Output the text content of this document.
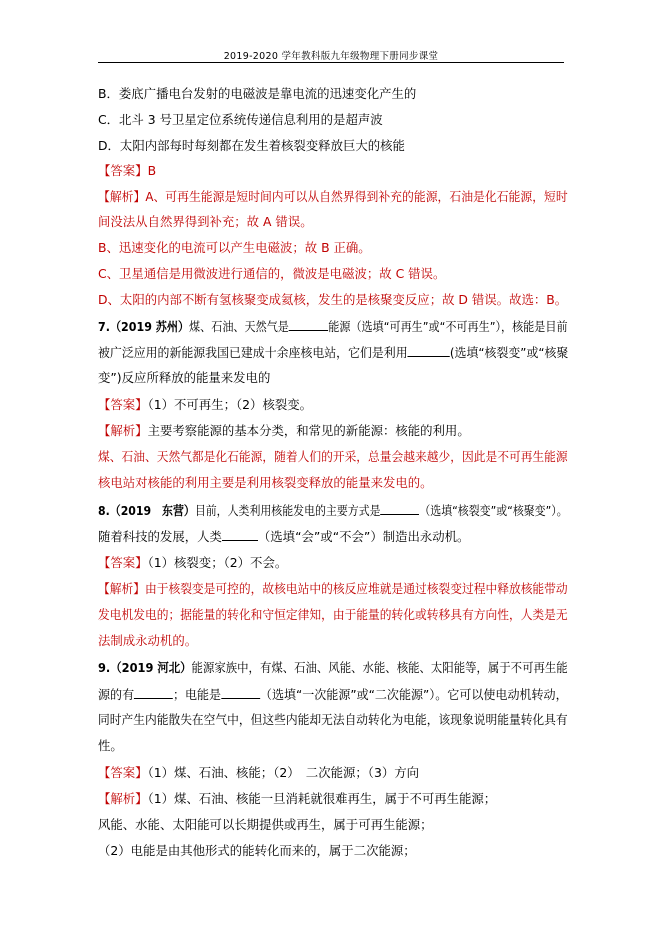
2019-2020 学年教科版九年级物理下册同步课堂
B．娄底广播电台发射的电磁波是靠电流的迅速变化产生的
C．北斗 3 号卫星定位系统传递信息利用的是超声波
D．太阳内部每时每刻都在发生着核裂变释放巨大的核能
【答案】B
【解析】A、可再生能源是短时间内可以从自然界得到补充的能源，石油是化石能源，短时
间没法从自然界得到补充；故 A 错误。
B、迅速变化的电流可以产生电磁波；故 B 正确。
C、卫星通信是用微波进行通信的，微波是电磁波；故 C 错误。
D、太阳的内部不断有氢核聚变成氦核，发生的是核聚变反应；故 D 错误。故选：B。
7.（2019 苏州）煤、石油、天然气是	能源（选填“可再生”或“不可再生”），核能是目前
被广泛应用的新能源我国已建成十余座核电站，它们是利用	(选填“核裂变”或“核聚
变”)反应所释放的能量来发电的
【答案】（1）不可再生；（2）核裂变。
【解析】主要考察能源的基本分类，和常见的新能源：核能的利用。
煤、石油、天然气都是化石能源，随着人们的开采，总量会越来越少，因此是不可再生能源
核电站对核能的利用主要是利用核裂变释放的能量来发电的。
8.（2019　东营）目前，人类利用核能发电的主要方式是	（选填“核裂变”或“核聚变”）。
随着科技的发展，人类	（选填“会”或“不会”）制造出永动机。
【答案】（1）核裂变；（2）不会。
【解析】由于核裂变是可控的，故核电站中的核反应堆就是通过核裂变过程中释放核能带动
发电机发电的；据能量的转化和守恒定律知，由于能量的转化或转移具有方向性，人类是无
法制成永动机的。
9.（2019 河北）能源家族中，有煤、石油、风能、水能、核能、太阳能等，属于不可再生能
源的有	；电能是	（选填“一次能源”或“二次能源”）。它可以使电动机转动，
同时产生内能散失在空气中，但这些内能却无法自动转化为电能，该现象说明能量转化具有
性。
【答案】（1）煤、石油、核能；（2）　二次能源；（3）方向
【解析】（1）煤、石油、核能一旦消耗就很难再生，属于不可再生能源；
风能、水能、太阳能可以长期提供或再生，属于可再生能源；
（2）电能是由其他形式的能转化而来的，属于二次能源；
